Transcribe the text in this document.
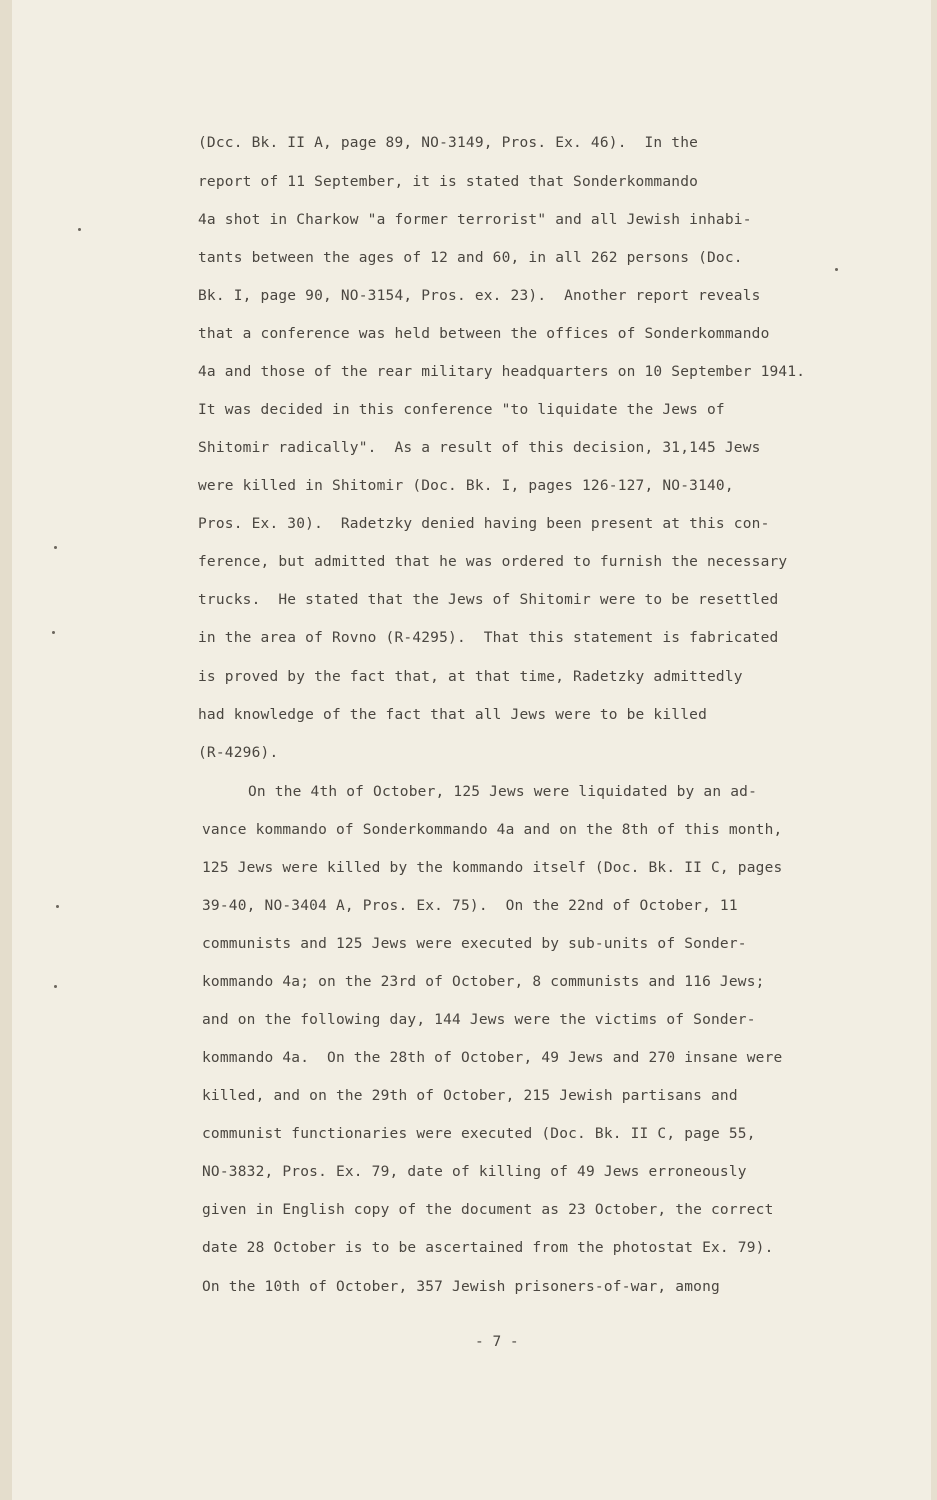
(Dcc. Bk. II A, page 89, NO-3149, Pros. Ex. 46).  In the
report of 11 September, it is stated that Sonderkommando
4a shot in Charkow "a former terrorist" and all Jewish inhabi-
tants between the ages of 12 and 60, in all 262 persons (Doc.
Bk. I, page 90, NO-3154, Pros. ex. 23).  Another report reveals
that a conference was held between the offices of Sonderkommando
4a and those of the rear military headquarters on 10 September 1941.
It was decided in this conference "to liquidate the Jews of
Shitomir radically".  As a result of this decision, 31,145 Jews
were killed in Shitomir (Doc. Bk. I, pages 126-127, NO-3140,
Pros. Ex. 30).  Radetzky denied having been present at this con-
ference, but admitted that he was ordered to furnish the necessary
trucks.  He stated that the Jews of Shitomir were to be resettled
in the area of Rovno (R-4295).  That this statement is fabricated
is proved by the fact that, at that time, Radetzky admittedly
had knowledge of the fact that all Jews were to be killed
(R-4296).
On the 4th of October, 125 Jews were liquidated by an ad-
vance kommando of Sonderkommando 4a and on the 8th of this month,
125 Jews were killed by the kommando itself (Doc. Bk. II C, pages
39-40, NO-3404 A, Pros. Ex. 75).  On the 22nd of October, 11
communists and 125 Jews were executed by sub-units of Sonder-
kommando 4a; on the 23rd of October, 8 communists and 116 Jews;
and on the following day, 144 Jews were the victims of Sonder-
kommando 4a.  On the 28th of October, 49 Jews and 270 insane were
killed, and on the 29th of October, 215 Jewish partisans and
communist functionaries were executed (Doc. Bk. II C, page 55,
NO-3832, Pros. Ex. 79, date of killing of 49 Jews erroneously
given in English copy of the document as 23 October, the correct
date 28 October is to be ascertained from the photostat Ex. 79).
On the 10th of October, 357 Jewish prisoners-of-war, among
- 7 -
